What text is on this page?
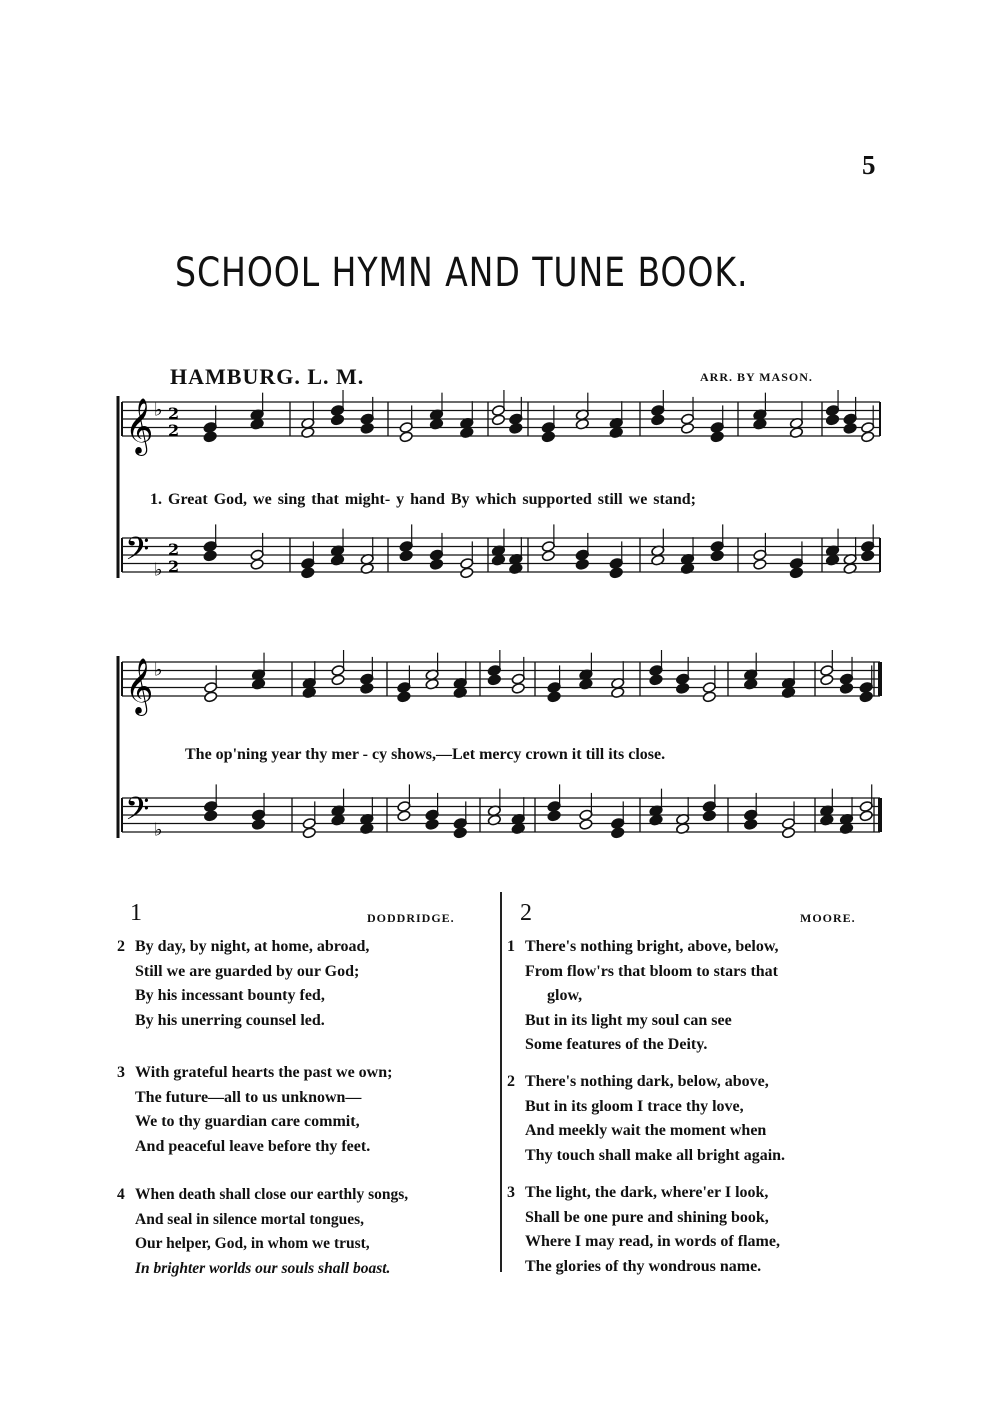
5
SCHOOL HYMN AND TUNE BOOK.
HAMBURG. L. M.	ARR. BY MASON.
𝄞 ♭ 2
2
𝄢 ♭
2
2
1. Great God, we sing that might- y hand By which supported still we stand;
𝄞 ♭
𝄢 ♭
The op'ning year thy mer - cy shows,—Let mercy crown it till its close.
1	DODDRIDGE.
2 By day, by night, at home, abroad,
Still we are guarded by our God;
By his incessant bounty fed,
By his unerring counsel led.
3 With grateful hearts the past we own;
The future—all to us unknown—
We to thy guardian care commit,
And peaceful leave before thy feet.
4 When death shall close our earthly songs,
And seal in silence mortal tongues,
Our helper, God, in whom we trust,
In brighter worlds our souls shall boast.
2	MOORE.
1 There's nothing bright, above, below,
From flow'rs that bloom to stars that
glow,
But in its light my soul can see
Some features of the Deity.
2 There's nothing dark, below, above,
But in its gloom I trace thy love,
And meekly wait the moment when
Thy touch shall make all bright again.
3 The light, the dark, where'er I look,
Shall be one pure and shining book,
Where I may read, in words of flame,
The glories of thy wondrous name.
